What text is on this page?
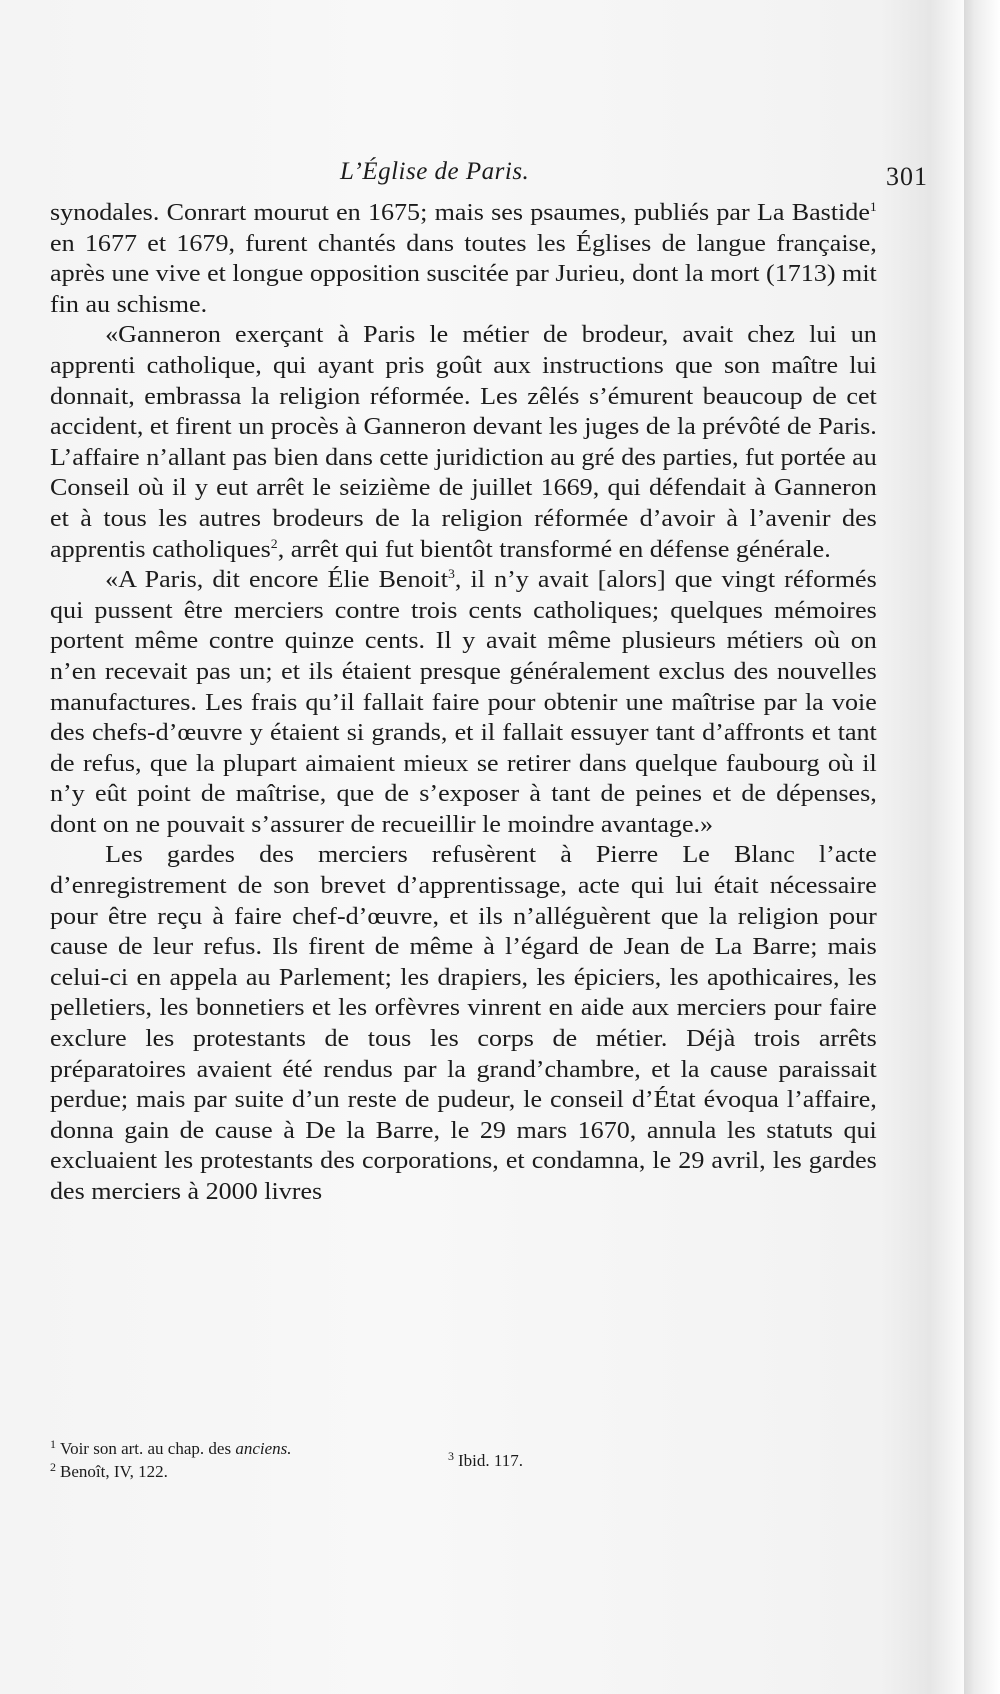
L’Église de Paris.	301

synodales. Conrart mourut en 1675; mais ses psaumes, publiés par La Bastide$^1$ en 1677 et 1679, furent chantés dans toutes les Églises de langue française, après une vive et longue opposition suscitée par Jurieu, dont la mort (1713) mit fin au schisme.

«Ganneron exerçant à Paris le métier de brodeur, avait chez lui un apprenti catholique, qui ayant pris goût aux instructions que son maître lui donnait, embrassa la religion réformée. Les zêlés s’émurent beaucoup de cet accident, et firent un procès à Ganneron devant les juges de la prévôté de Paris. L’affaire n’allant pas bien dans cette juridiction au gré des parties, fut portée au Conseil où il y eut arrêt le seizième de juillet 1669, qui défendait à Ganneron et à tous les autres brodeurs de la religion réformée d’avoir à l’avenir des apprentis catholiques$^2$, arrêt qui fut bientôt transformé en défense générale.

«A Paris, dit encore Élie Benoit$^3$, il n’y avait [alors] que vingt réformés qui pussent être merciers contre trois cents catholiques; quelques mémoires portent même contre quinze cents. Il y avait même plusieurs métiers où on n’en recevait pas un; et ils étaient presque généralement exclus des nouvelles manufactures. Les frais qu’il fallait faire pour obtenir une maîtrise par la voie des chefs-d’œuvre y étaient si grands, et il fallait essuyer tant d’affronts et tant de refus, que la plupart aimaient mieux se retirer dans quelque faubourg où il n’y eût point de maîtrise, que de s’exposer à tant de peines et de dépenses, dont on ne pouvait s’assurer de recueillir le moindre avantage.»

Les gardes des merciers refusèrent à Pierre Le Blanc l’acte d’enregistrement de son brevet d’apprentissage, acte qui lui était nécessaire pour être reçu à faire chef-d’œuvre, et ils n’alléguèrent que la religion pour cause de leur refus. Ils firent de même à l’égard de Jean de La Barre; mais celui-ci en appela au Parlement; les drapiers, les épiciers, les apothicaires, les pelletiers, les bonnetiers et les orfèvres vinrent en aide aux merciers pour faire exclure les protestants de tous les corps de métier. Déjà trois arrêts préparatoires avaient été rendus par la grand’chambre, et la cause paraissait perdue; mais par suite d’un reste de pudeur, le conseil d’État évoqua l’affaire, donna gain de cause à De la Barre, le 29 mars 1670, annula les statuts qui excluaient les protestants des corporations, et condamna, le 29 avril, les gardes des merciers à 2000 livres

$^1$ Voir son art. au chap. des anciens.
$^2$ Benoît, IV, 122.
$^3$ Ibid. 117.
